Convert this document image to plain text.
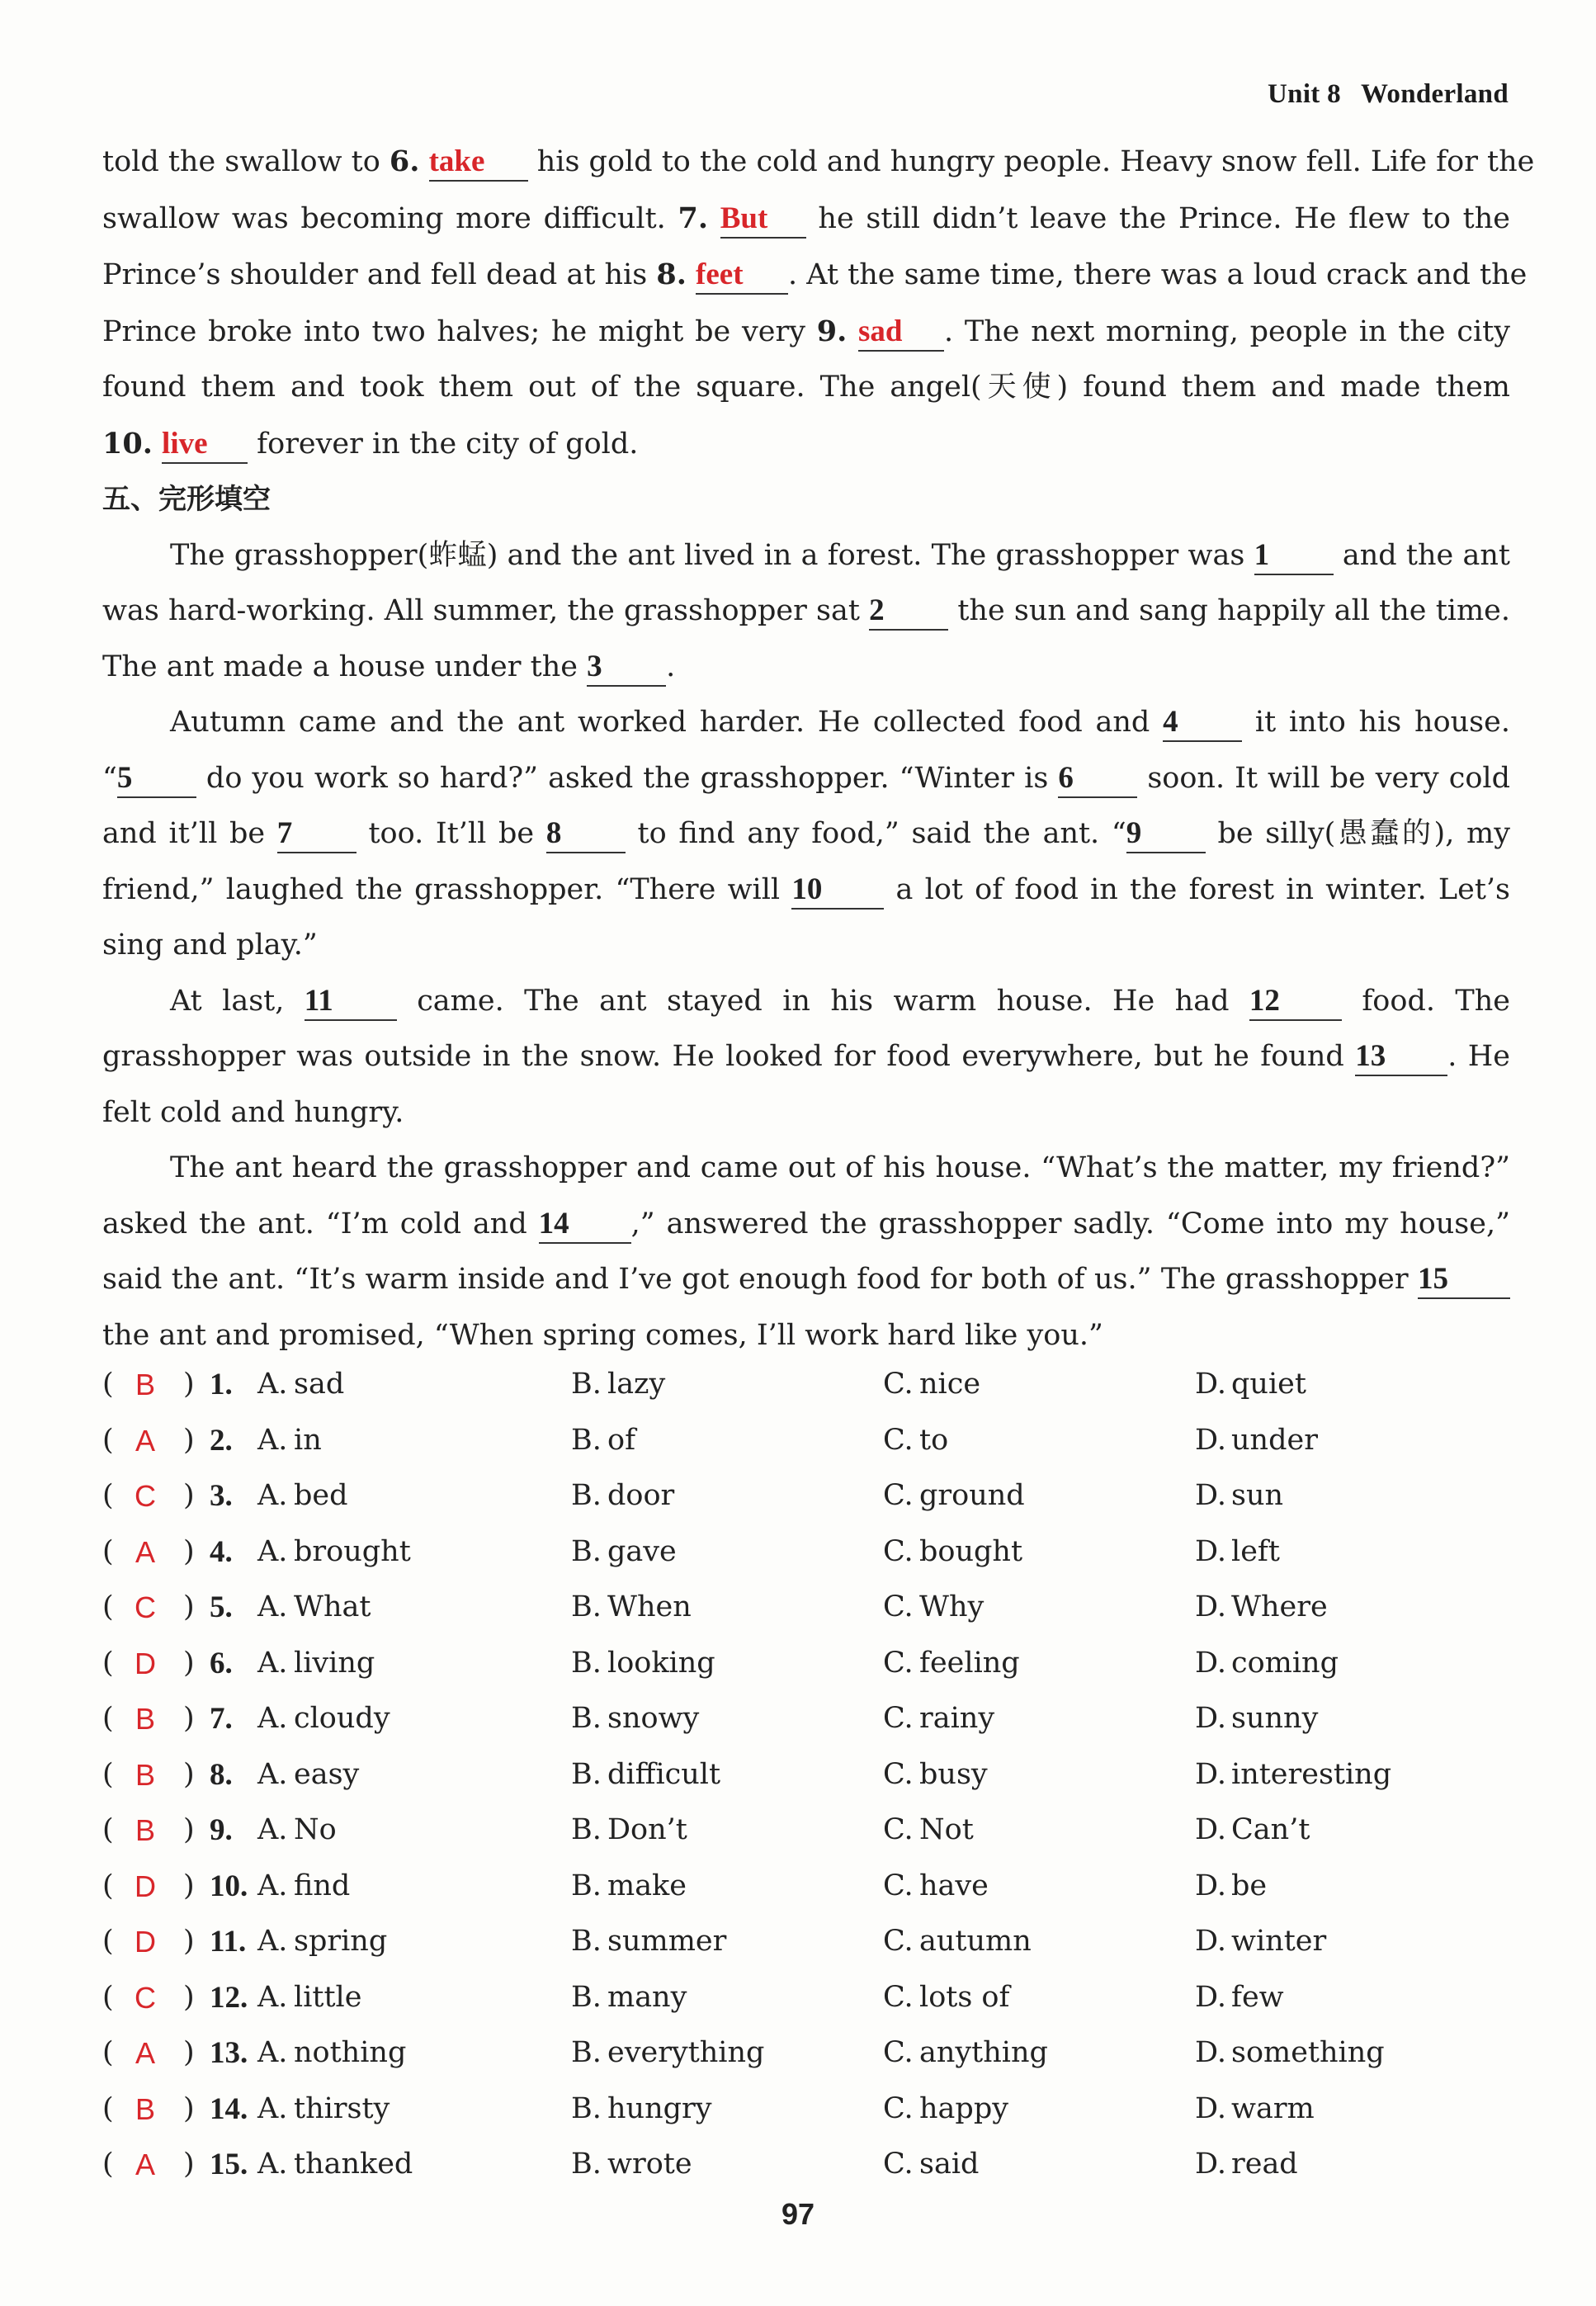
Unit 8 Wonderland
told the swallow to 6. take his gold to the cold and hungry people. Heavy snow fell. Life for the
swallow was becoming more difficult. 7. But he still didn’t leave the Prince. He flew to the
Prince’s shoulder and fell dead at his 8. feet . At the same time, there was a loud crack and the
Prince broke into two halves; he might be very 9. sad . The next morning, people in the city
found them and took them out of the square. The angel(天使) found them and made them
10. live forever in the city of gold.
五、完形填空
The grasshopper(蚱蜢) and the ant lived in a forest. The grasshopper was 1 and the ant
was hard-working. All summer, the grasshopper sat 2 the sun and sang happily all the time.
The ant made a house under the 3 .
Autumn came and the ant worked harder. He collected food and 4 it into his house.
“5 do you work so hard?” asked the grasshopper. “Winter is 6 soon. It will be very cold
and it’ll be 7 too. It’ll be 8 to find any food,” said the ant. “9 be silly(愚蠢的), my
friend,” laughed the grasshopper. “There will 10 a lot of food in the forest in winter. Let’s
sing and play.”
At last, 11 came. The ant stayed in his warm house. He had 12 food. The
grasshopper was outside in the snow. He looked for food everywhere, but he found 13 . He
felt cold and hungry.
The ant heard the grasshopper and came out of his house. “What’s the matter, my friend?”
asked the ant. “I’m cold and 14 ,” answered the grasshopper sadly. “Come into my house,”
said the ant. “It’s warm inside and I’ve got enough food for both of us.” The grasshopper 15
the ant and promised, “When spring comes, I’ll work hard like you.”
( B ) 1. A. sad	B. lazy	C. nice	D. quiet
( A ) 2. A. in	B. of	C. to	D. under
( C ) 3. A. bed	B. door	C. ground	D. sun
( A ) 4. A. brought	B. gave	C. bought	D. left
( C ) 5. A. What	B. When	C. Why	D. Where
( D ) 6. A. living	B. looking	C. feeling	D. coming
( B ) 7. A. cloudy	B. snowy	C. rainy	D. sunny
( B ) 8. A. easy	B. difficult	C. busy	D. interesting
( B ) 9. A. No	B. Don’t	C. Not	D. Can’t
( D ) 10. A. find	B. make	C. have	D. be
( D ) 11. A. spring	B. summer	C. autumn	D. winter
( C ) 12. A. little	B. many	C. lots of	D. few
( A ) 13. A. nothing	B. everything	C. anything	D. something
( B ) 14. A. thirsty	B. hungry	C. happy	D. warm
( A ) 15. A. thanked	B. wrote	C. said	D. read
97
